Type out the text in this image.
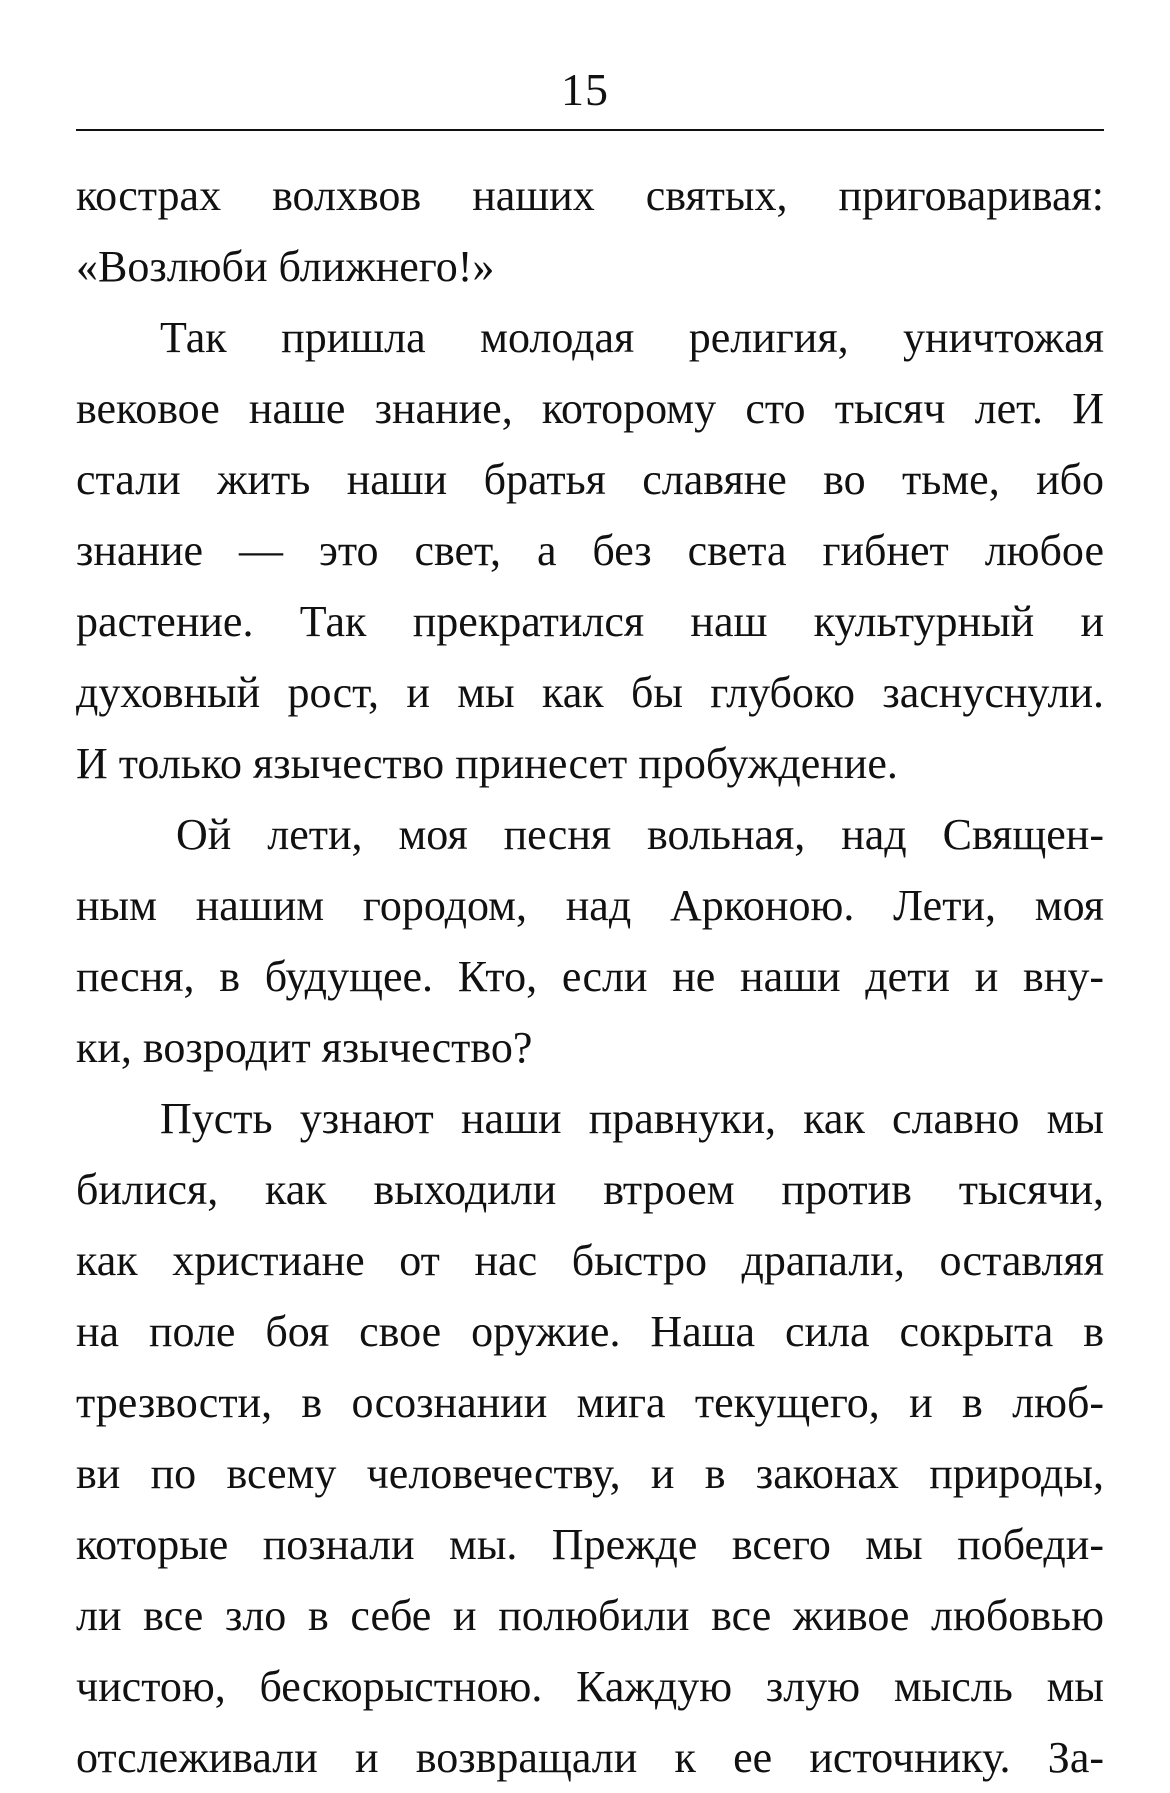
15
кострах волхвов наших святых, приговаривая:
«Возлюби ближнего!»
Так пришла молодая религия, уничтожая
вековое наше знание, которому сто тысяч лет. И
стали жить наши братья славяне во тьме, ибо
знание — это свет, а без света гибнет любое
растение. Так прекратился наш культурный и
духовный рост, и мы как бы глубоко заснуснули.
И только язычество принесет пробуждение.
Ой лети, моя песня вольная, над Священ-
ным нашим городом, над Арконою. Лети, моя
песня, в будущее. Кто, если не наши дети и вну-
ки, возродит язычество?
Пусть узнают наши правнуки, как славно мы
билися, как выходили втроем против тысячи,
как христиане от нас быстро драпали, оставляя
на поле боя свое оружие. Наша сила сокрыта в
трезвости, в осознании мига текущего, и в люб-
ви по всему человечеству, и в законах природы,
которые познали мы. Прежде всего мы победи-
ли все зло в себе и полюбили все живое любовью
чистою, бескорыстною. Каждую злую мысль мы
отслеживали и возвращали к ее источнику. За-
